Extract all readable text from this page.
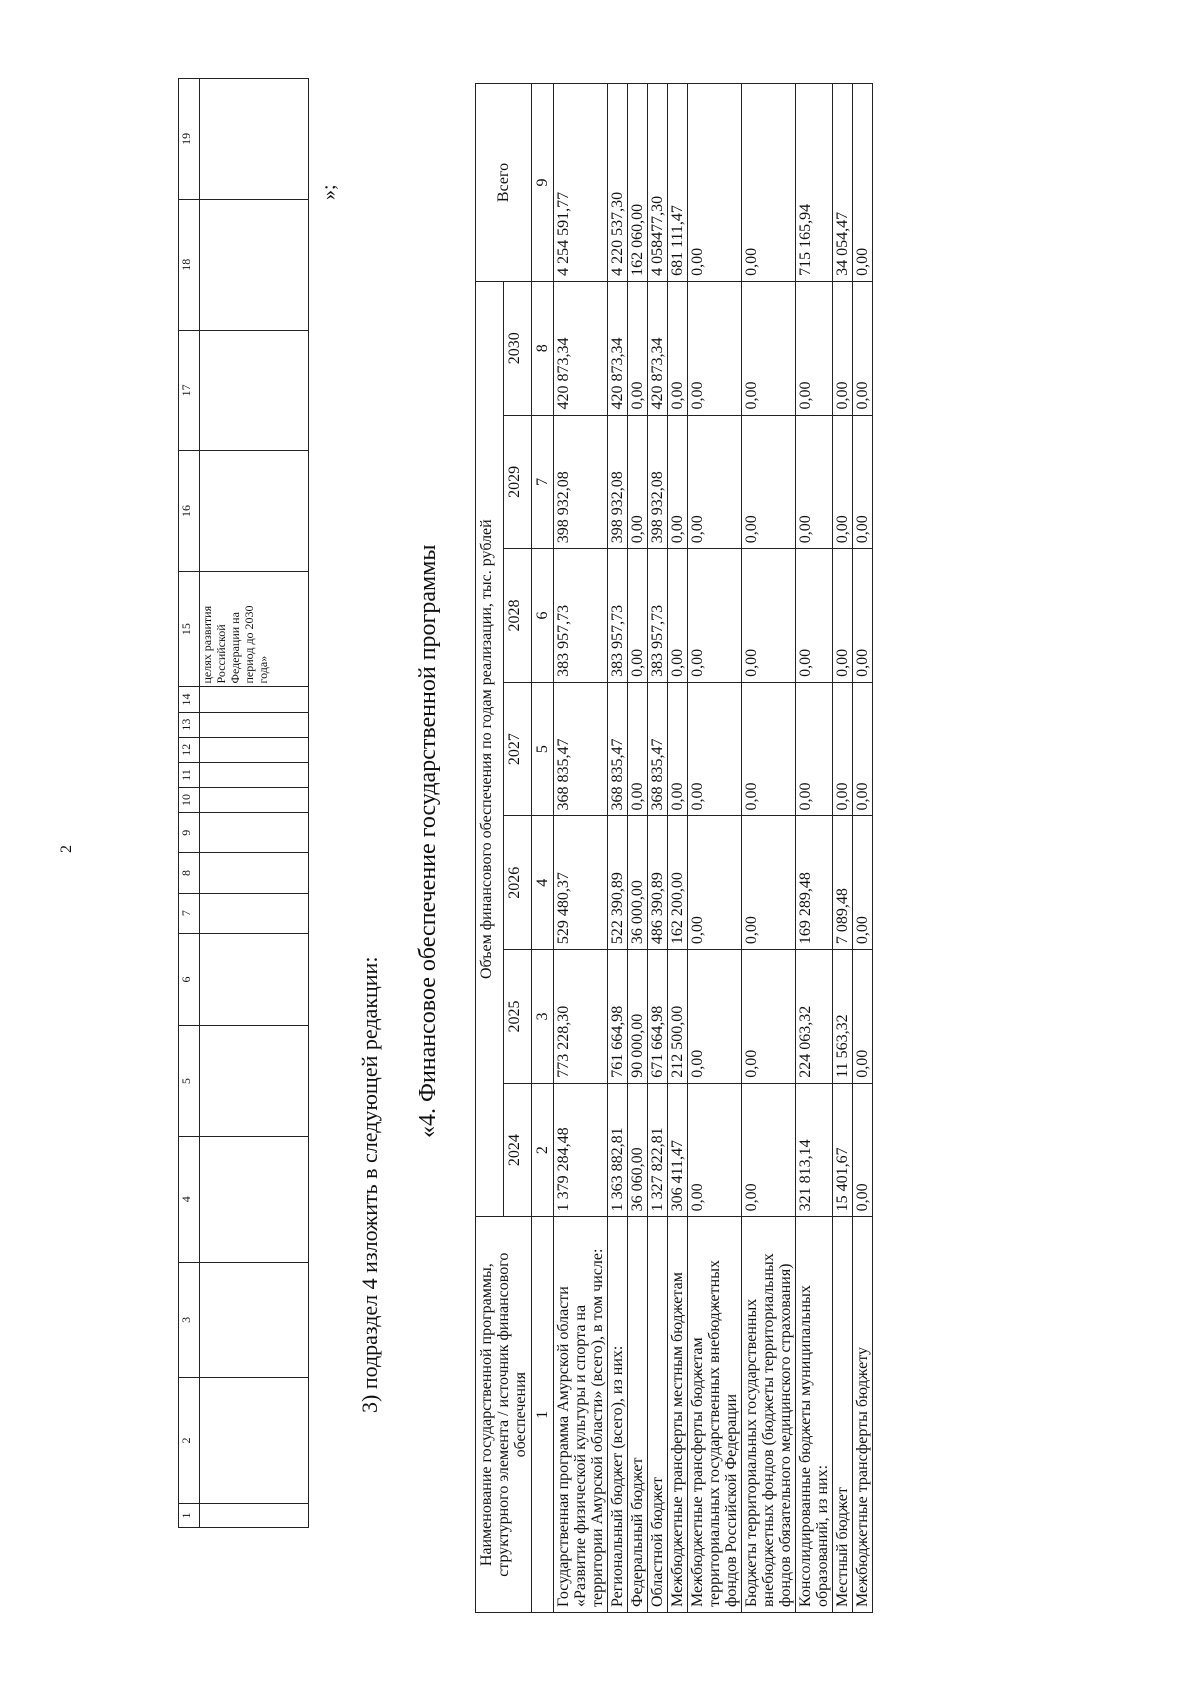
2
1	2	3	4	5	6	7	8	9	10	11	12	13	14	15	16	17	18	19
														целях развития Российской Федерации на период до 2030 года»				
»;
3) подраздел 4 изложить в следующей редакции:
«4. Финансовое обеспечение государственной программы
Наименование государственной программы, структурного элемента / источник финансового обеспечения	Объем финансового обеспечения по годам реализации, тыс. рублей							Всего
	2024	2025	2026	2027	2028	2029	2030	
1	2	3	4	5	6	7	8	9
Государственная программа Амурской области «Развитие физической культуры и спорта на территории Амурской области» (всего), в том числе:	1 379 284,48	773 228,30	529 480,37	368 835,47	383 957,73	398 932,08	420 873,34	4 254 591,77
Региональный бюджет (всего), из них:	1 363 882,81	761 664,98	522 390,89	368 835,47	383 957,73	398 932,08	420 873,34	4 220 537,30
Федеральный бюджет	36 060,00	90 000,00	36 000,00	0,00	0,00	0,00	0,00	162 060,00
Областной бюджет	1 327 822,81	671 664,98	486 390,89	368 835,47	383 957,73	398 932,08	420 873,34	4 058477,30
Межбюджетные трансферты местным бюджетам	306 411,47	212 500,00	162 200,00	0,00	0,00	0,00	0,00	681 111,47
Межбюджетные трансферты бюджетам территориальных государственных внебюджетных фондов Российской Федерации	0,00	0,00	0,00	0,00	0,00	0,00	0,00	0,00
Бюджеты территориальных государственных внебюджетных фондов (бюджеты территориальных фондов обязательного медицинского страхования)	0,00	0,00	0,00	0,00	0,00	0,00	0,00	0,00
Консолидированные бюджеты муниципальных образований, из них:	321 813,14	224 063,32	169 289,48	0,00	0,00	0,00	0,00	715 165,94
Местный бюджет	15 401,67	11 563,32	7 089,48	0,00	0,00	0,00	0,00	34 054,47
Межбюджетные трансферты бюджету	0,00	0,00	0,00	0,00	0,00	0,00	0,00	0,00
